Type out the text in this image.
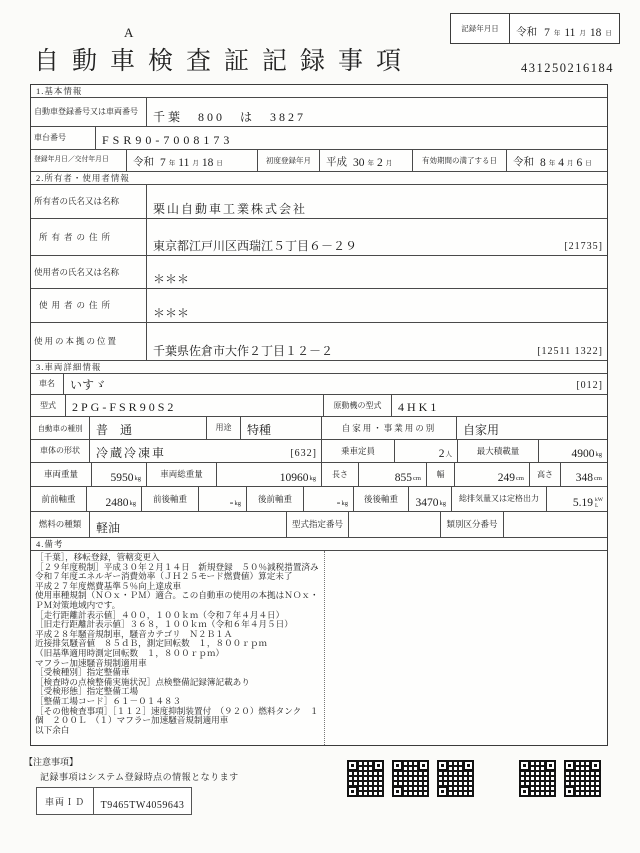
A
自動車検査証記録事項	431250216184
記録年月日	令和 7 年 11 月 18 日
1.基本情報
自動車登録番号又は車両番号 千葉　800　は　3827
車台番号	FSR90-7008173
登録年月日／交付年月日 令和 7 年 11 月 18 日	初度登録年月 平成 30 年 2 月	有効期間の満了する日 令和 8 年 4 月 6 日
2.所有者・使用者情報
所有者の氏名又は名称
栗山自動車工業株式会社
所有者の住所
東京都江戸川区西瑞江５丁目６－２９	[21735]
使用者の氏名又は名称
＊＊＊
使用者の住所
＊＊＊
使用の本拠の位置
千葉県佐倉市大作２丁目１２－２	[12511 1322]
3.車両詳細情報
車名 いすゞ	[012]
型式 2PG-FSR90S2	原動機の型式 4HK1
自動車の種別 普　通	用途 特種	自家用・事業用の別 自家用
車体の形状 冷蔵冷凍車	[632]	乗車定員	2 人	最大積載量	4900 kg
車両重量	5950 kg 車両総重量	10960 kg 長さ	855 cm 幅	249 cm 高さ 348 cm
前前軸重	2480 kg 前後軸重	- kg 後前軸重	- kg 後後軸重 3470 kg
総排気量又は定格出力	5.19 kW
L
燃料の種類 軽油	型式指定番号	類別区分番号
4.備考
［千葉］，移転登録，管轄変更入
［２９年度税制］平成３０年２月１４日　新規登録　５０％減税措置済み
令和７年度エネルギー消費効率（ＪＨ２５モード燃費値）算定未了
平成２７年度燃費基準５％向上達成車
使用車種規制（ＮＯｘ・ＰＭ）適合。この自動車の使用の本拠はＮＯｘ・ＰＭ対策地域内です。
［走行距離計表示値］４００，１００ｋｍ（令和７年４月４日）
［旧走行距離計表示値］３６８，１００ｋｍ（令和６年４月５日）
平成２８年騒音規制車，騒音カテゴリ　Ｎ２Ｂ１Ａ
近接排気騒音値　８５ｄＢ，測定回転数　１，８００ｒｐｍ
（旧基準適用時測定回転数　１，８００ｒｐｍ）
マフラー加速騒音規制適用車
［受検種別］指定整備車
［検査時の点検整備実施状況］点検整備記録簿記載あり
［受検形態］指定整備工場
［整備工場コード］６１－０１４８３
［その他検査事項］［１１２］速度抑制装置付　（９２０）燃料タンク　１個　２００Ｌ　（１）マフラー加速騒音規制適用車
以下余白
【注意事項】
記録事項はシステム登録時点の情報となります
車両ＩＤ	T9465TW4059643
